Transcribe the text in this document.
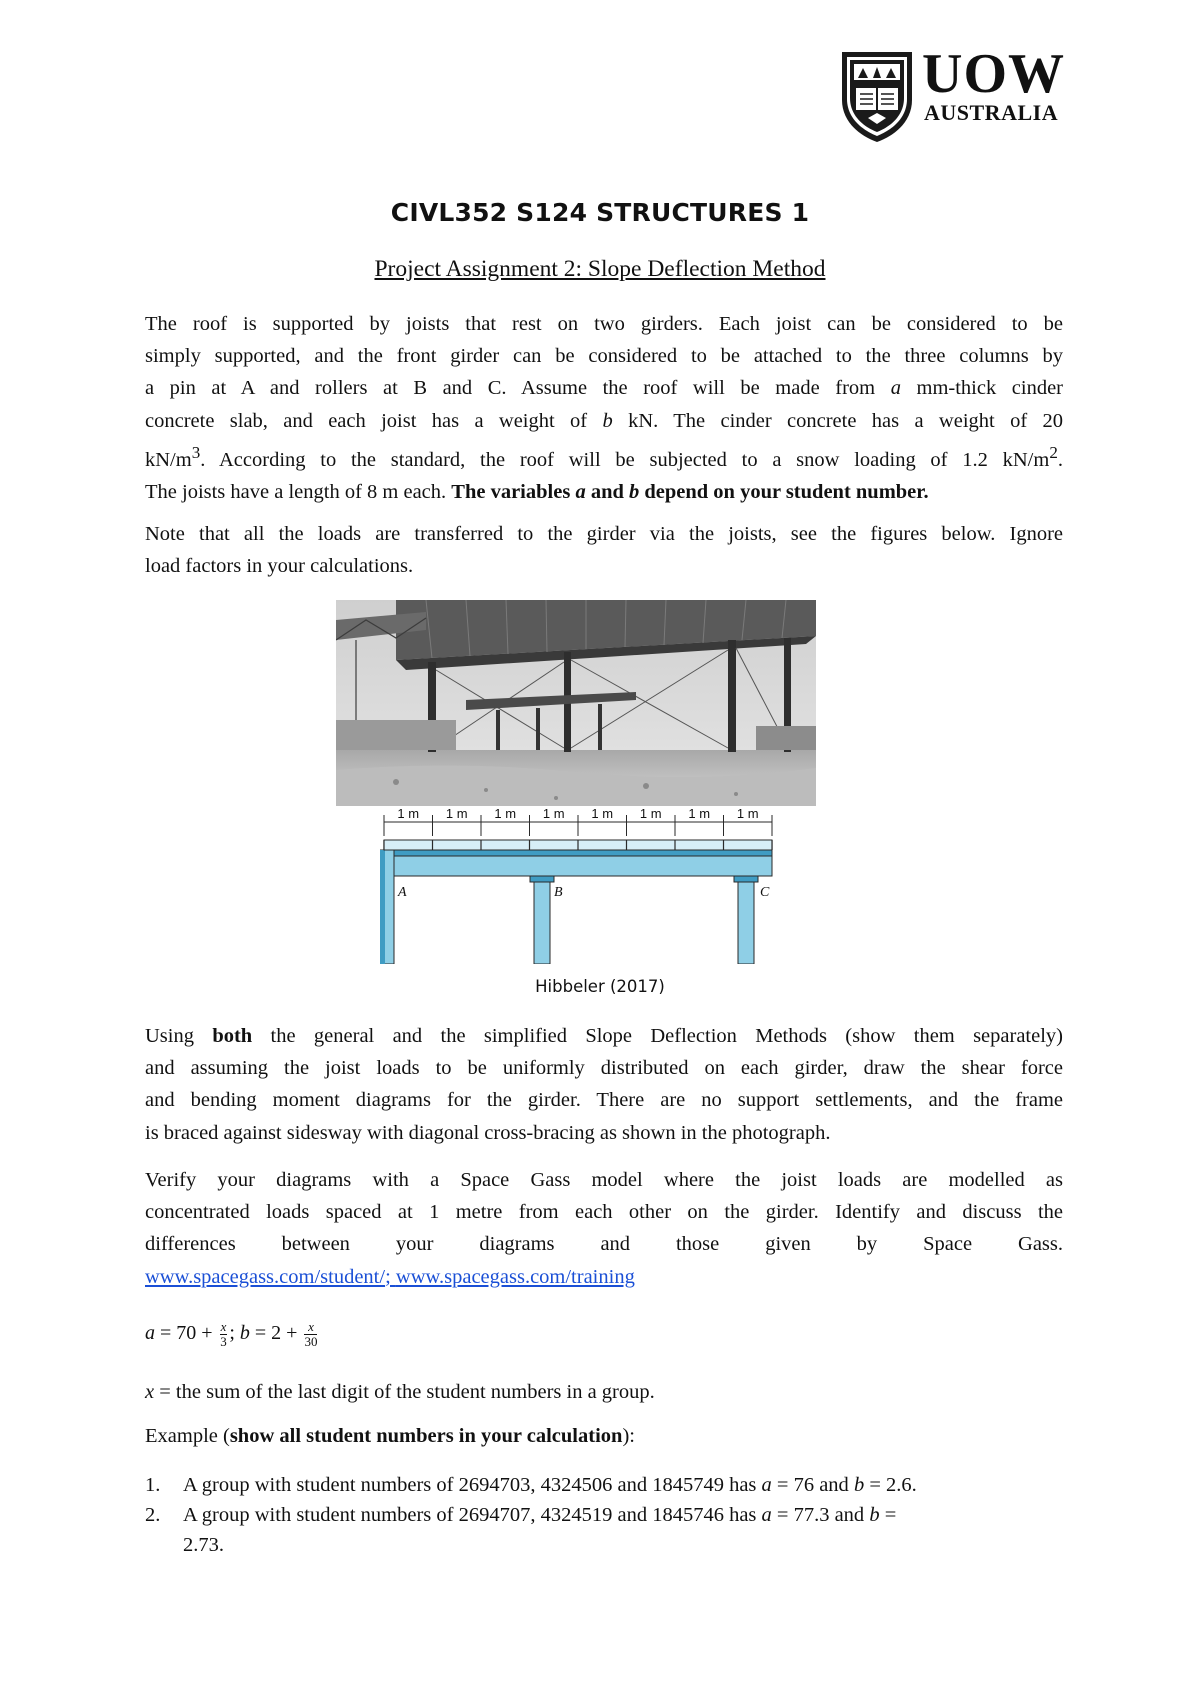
UOW
AUSTRALIA
CIVL352 S124 STRUCTURES 1
Project Assignment 2: Slope Deflection Method
The roof is supported by joists that rest on two girders. Each joist can be considered to be
simply supported, and the front girder can be considered to be attached to the three columns by
a pin at A and rollers at B and C. Assume the roof will be made from a mm-thick cinder
concrete slab, and each joist has a weight of b kN. The cinder concrete has a weight of 20
$kN/m^3$. According to the standard, the roof will be subjected to a snow loading of 1.2 $kN/m^2$.
The joists have a length of 8 m each. The variables a and b depend on your student number.
Note that all the loads are transferred to the girder via the joists, see the figures below. Ignore
load factors in your calculations.
1 m 1 m 1 m 1 m 1 m 1 m 1 m 1 m
A	B	C
Hibbeler (2017)
Using both the general and the simplified Slope Deflection Methods (show them separately)
and assuming the joist loads to be uniformly distributed on each girder, draw the shear force
and bending moment diagrams for the girder. There are no support settlements, and the frame
is braced against sidesway with diagonal cross-bracing as shown in the photograph.
Verify your diagrams with a Space Gass model where the joist loads are modelled as
concentrated loads spaced at 1 metre from each other on the girder. Identify and discuss the
differences between your diagrams and those given by Space Gass.
www.spacegass.com/student/; www.spacegass.com/training
$a = 70 + \frac{x}{3}$ ; $b = 2 + \frac{x}{30}$
x = the sum of the last digit of the student numbers in a group.
Example (show all student numbers in your calculation):
1. A group with student numbers of 2694703, 4324506 and 1845749 has a = 76 and b = 2.6.
2. A group with student numbers of 2694707, 4324519 and 1845746 has a = 77.3 and b =
2.73.
